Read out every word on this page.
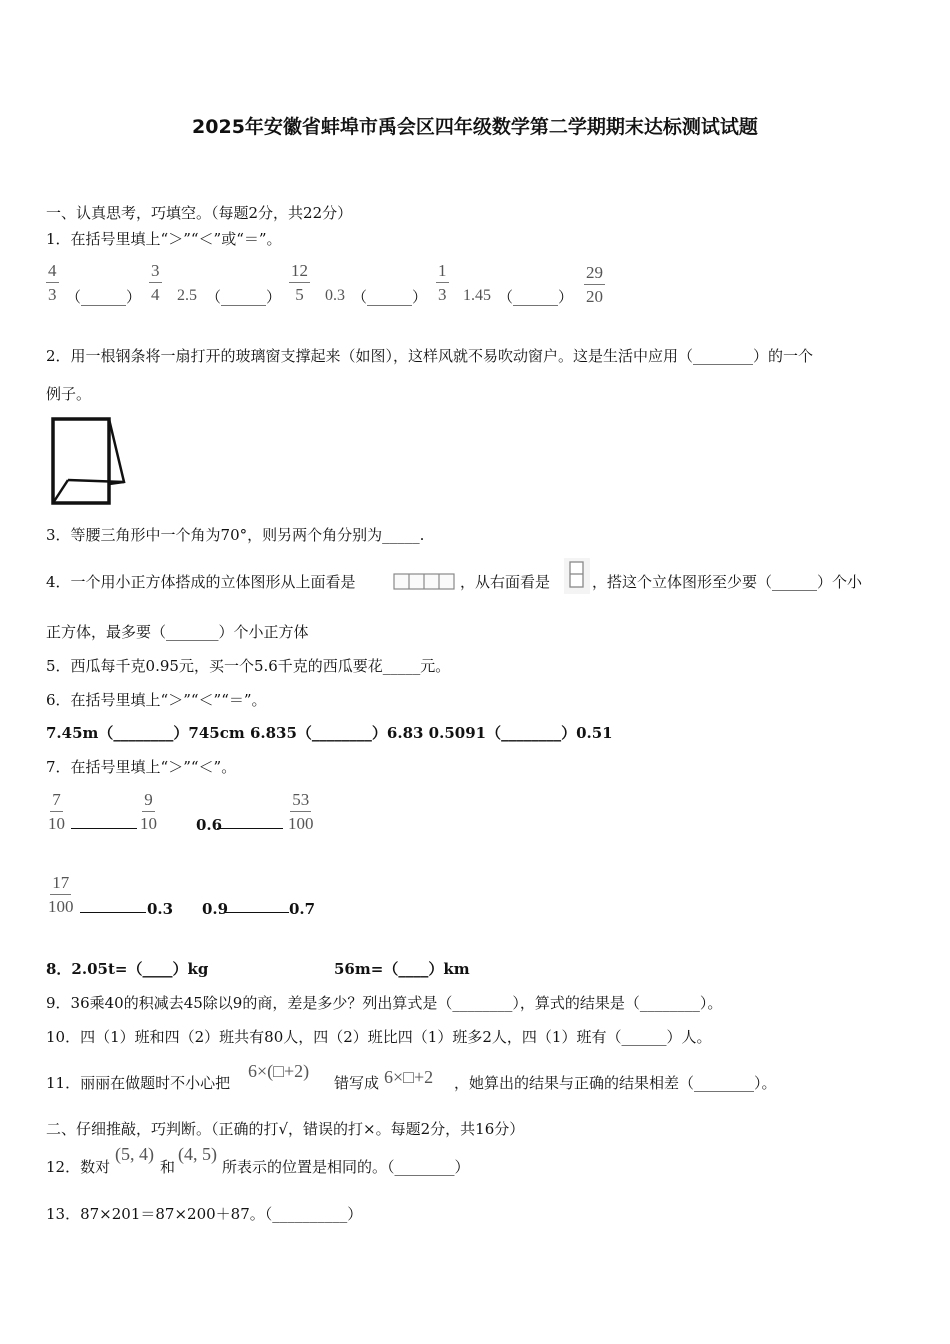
2025年安徽省蚌埠市禹会区四年级数学第二学期期末达标测试试题
一、认真思考，巧填空。（每题2分，共22分）
1．在括号里填上“＞”“＜”或“＝”。
$\frac{4}{3}$ （______） $\frac{3}{4} 2.5$ （______） $\frac{12}{5} 0.3$ （______） $\frac{1}{3} 1.45$ （______） $\frac{29}{20}$
2．用一根钢条将一扇打开的玻璃窗支撑起来（如图），这样风就不易吹动窗户。这是生活中应用（________）的一个
例子。
3．等腰三角形中一个角为70°，则另两个角分别为_____.
4．一个用小正方体搭成的立体图形从上面看是	，从右面看是	，搭这个立体图形至少要（______）个小
正方体，最多要（_______）个小正方体
5．西瓜每千克0.95元，买一个5.6千克的西瓜要花_____元。
6．在括号里填上“＞”“＜”“＝”。
7.45m（________）745cm 6.835（________）6.83 0.5091（________）0.51
7．在括号里填上“＞”“＜”。
$\frac{7}{10}$	$\frac{9}{10} 0.6$	$\frac{53}{100}$
$\frac{17}{100}$	0.3 0.9	0.7
8．2.05t=（____）kg	56m=（____）km
9．36乘40的积减去45除以9的商，差是多少？列出算式是（________），算式的结果是（________）。
10．四（1）班和四（2）班共有80人，四（2）班比四（1）班多2人，四（1）班有（______）人。
11．丽丽在做题时不小心把
6×(□+2)
错写成 6×□+2 ，她算出的结果与正确的结果相差（________）。
二、仔细推敲，巧判断。（正确的打√，错误的打×。每题2分，共16分）
12．数对
(5, 4)
和
(4, 5)
所表示的位置是相同的。（________）
13．87×201＝87×200＋87。（__________）
